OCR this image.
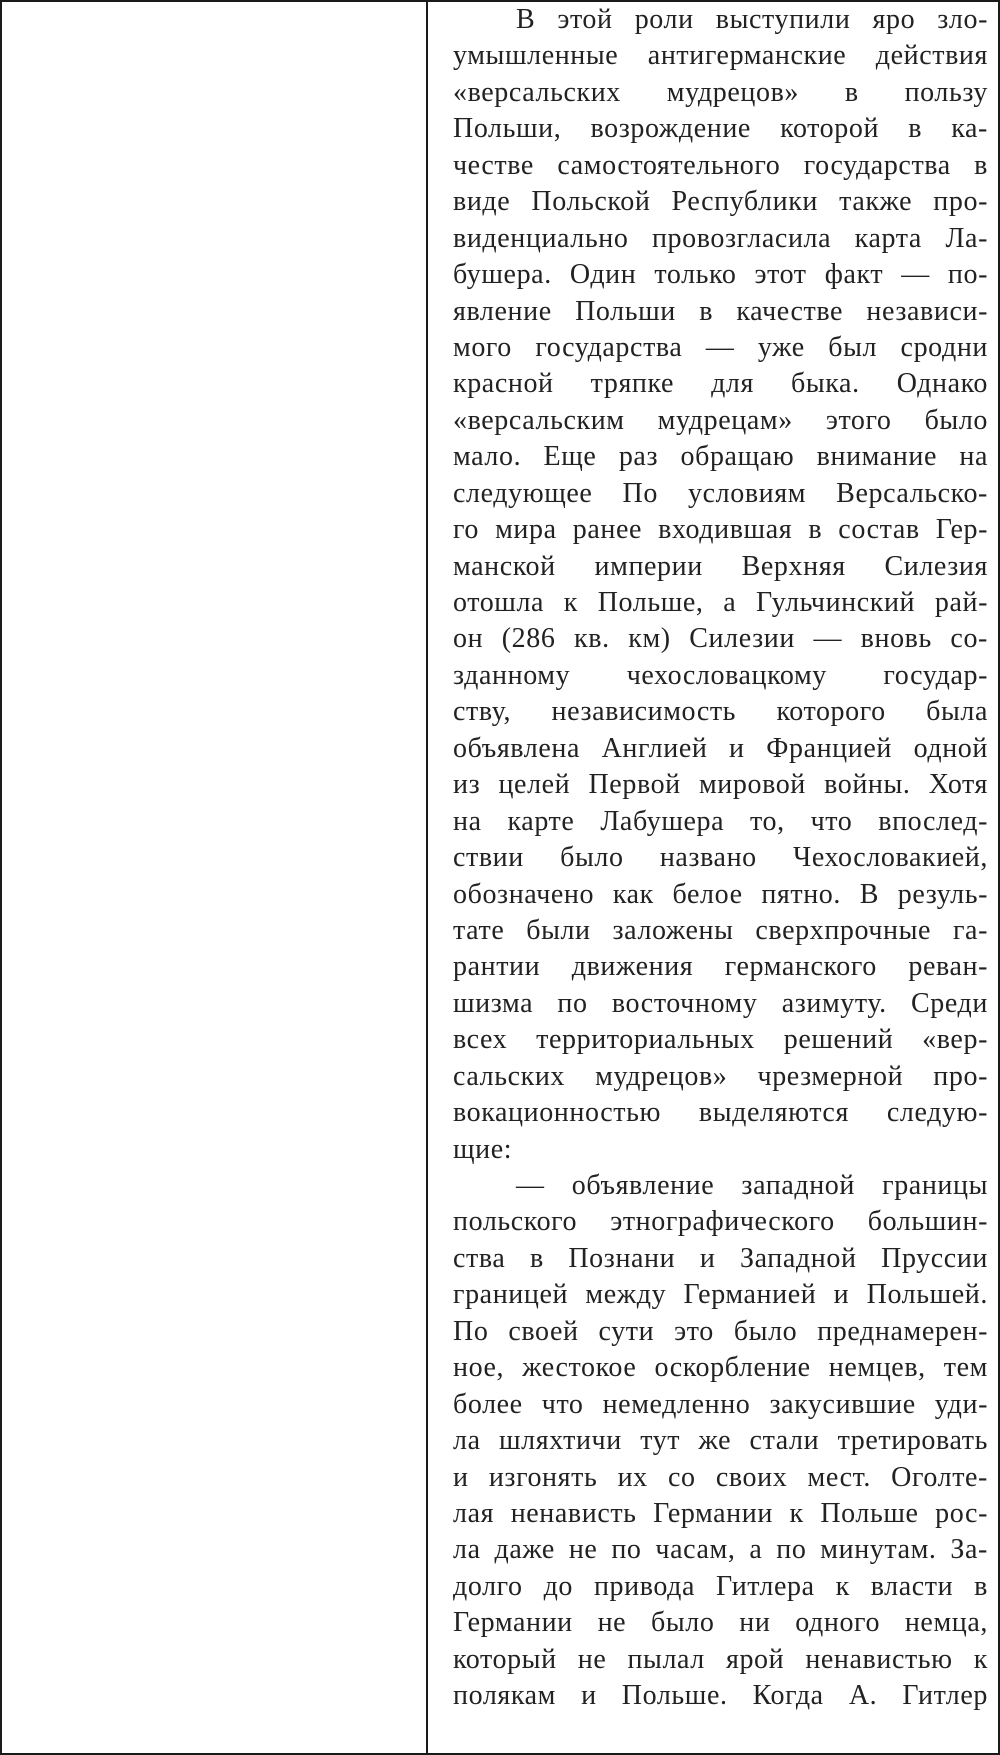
В этой роли выступили яро зло-
умышленные антигерманские действия
«версальских мудрецов» в пользу
Польши, возрождение которой в ка-
честве самостоятельного государства в
виде Польской Республики также про-
виденциально провозгласила карта Ла-
бушера. Один только этот факт — по-
явление Польши в качестве независи-
мого государства — уже был сродни
красной тряпке для быка. Однако
«версальским мудрецам» этого было
мало. Еще раз обращаю внимание на
следующее По условиям Версальско-
го мира ранее входившая в состав Гер-
манской империи Верхняя Силезия
отошла к Польше, а Гульчинский рай-
он (286 кв. км) Силезии — вновь со-
зданному чехословацкому государ-
ству, независимость которого была
объявлена Англией и Францией одной
из целей Первой мировой войны. Хотя
на карте Лабушера то, что впослед-
ствии было названо Чехословакией,
обозначено как белое пятно. В резуль-
тате были заложены сверхпрочные га-
рантии движения германского реван-
шизма по восточному азимуту. Среди
всех территориальных решений «вер-
сальских мудрецов» чрезмерной про-
вокационностью выделяются следую-
щие:
— объявление западной границы
польского этнографического большин-
ства в Познани и Западной Пруссии
границей между Германией и Польшей.
По своей сути это было преднамерен-
ное, жестокое оскорбление немцев, тем
более что немедленно закусившие уди-
ла шляхтичи тут же стали третировать
и изгонять их со своих мест. Оголте-
лая ненависть Германии к Польше рос-
ла даже не по часам, а по минутам. За-
долго до привода Гитлера к власти в
Германии не было ни одного немца,
который не пылал ярой ненавистью к
полякам и Польше. Когда А. Гитлер
